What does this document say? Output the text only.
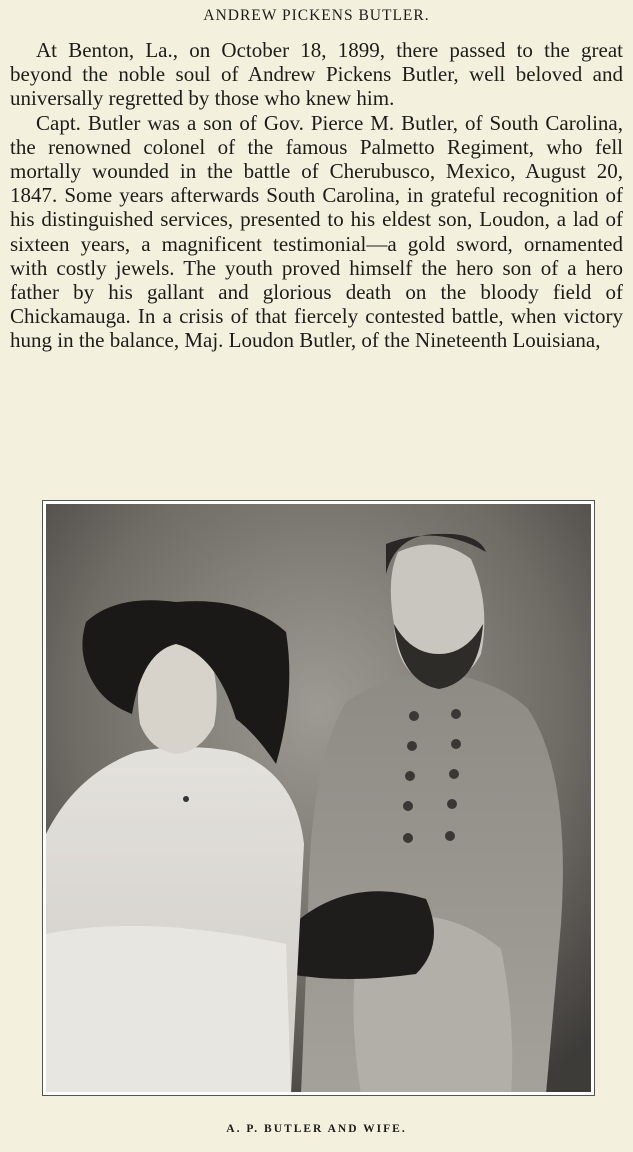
ANDREW PICKENS BUTLER.

At Benton, La., on October 18, 1899, there passed to the great beyond the noble soul of Andrew Pickens Butler, well beloved and universally regretted by those who knew him.

Capt. Butler was a son of Gov. Pierce M. Butler, of South Carolina, the renowned colonel of the famous Palmetto Regiment, who fell mortally wounded in the battle of Cherubusco, Mexico, August 20, 1847. Some years afterwards South Carolina, in grateful recognition of his distinguished services, presented to his eldest son, Loudon, a lad of sixteen years, a magnificent testimonial—a gold sword, ornamented with costly jewels. The youth proved himself the hero son of a hero father by his gallant and glorious death on the bloody field of Chickamauga. In a crisis of that fiercely contested battle, when victory hung in the balance, Maj. Loudon Butler, of the Nineteenth Louisiana,

A. P. BUTLER AND WIFE.
